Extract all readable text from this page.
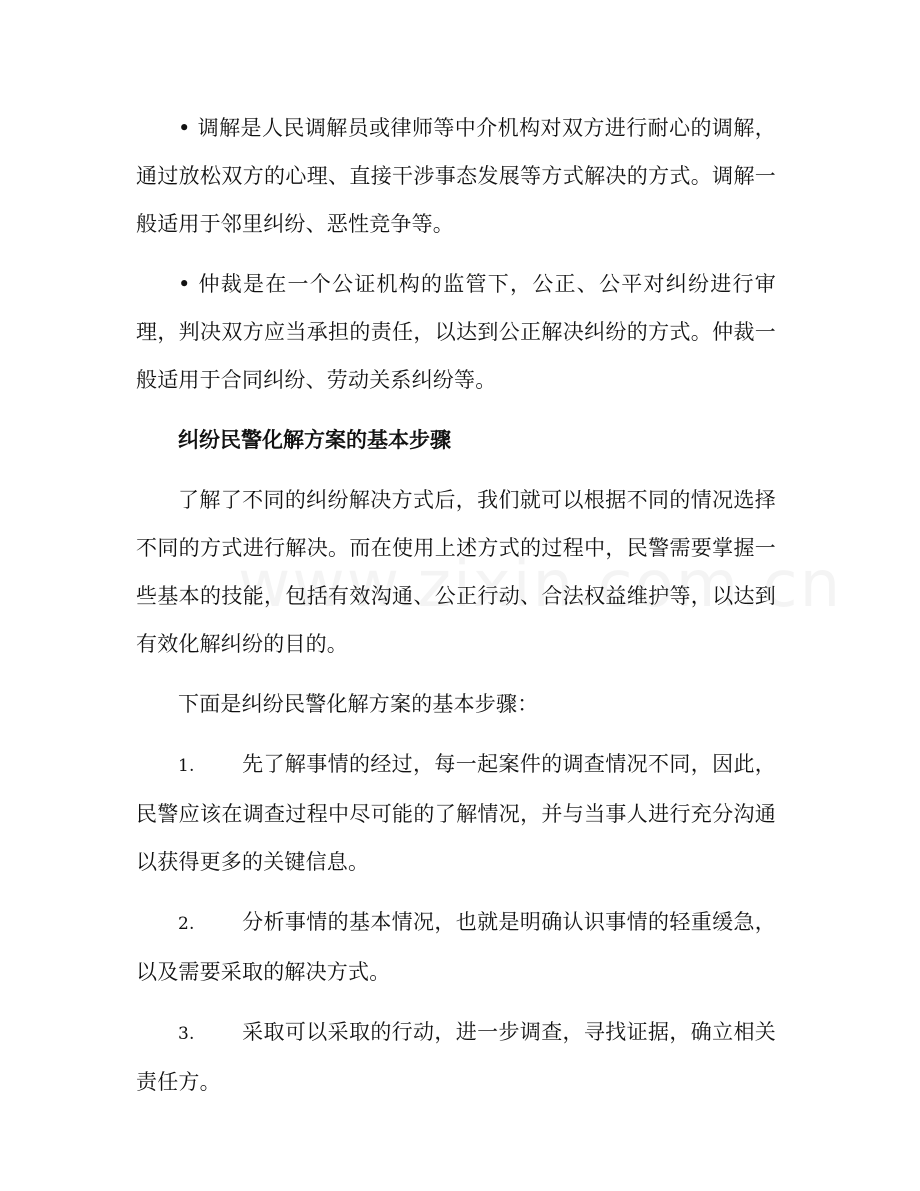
• 调解是人民调解员或律师等中介机构对双方进行耐心的调解，通过放松双方的心理、直接干涉事态发展等方式解决的方式。调解一般适用于邻里纠纷、恶性竞争等。

• 仲裁是在一个公证机构的监管下，公正、公平对纠纷进行审理，判决双方应当承担的责任，以达到公正解决纠纷的方式。仲裁一般适用于合同纠纷、劳动关系纠纷等。

纠纷民警化解方案的基本步骤

了解了不同的纠纷解决方式后，我们就可以根据不同的情况选择不同的方式进行解决。而在使用上述方式的过程中，民警需要掌握一些基本的技能，包括有效沟通、公正行动、合法权益维护等，以达到有效化解纠纷的目的。

下面是纠纷民警化解方案的基本步骤：

1. 先了解事情的经过，每一起案件的调查情况不同，因此，民警应该在调查过程中尽可能的了解情况，并与当事人进行充分沟通以获得更多的关键信息。

2. 分析事情的基本情况，也就是明确认识事情的轻重缓急，以及需要采取的解决方式。

3. 采取可以采取的行动，进一步调查，寻找证据，确立相关责任方。
